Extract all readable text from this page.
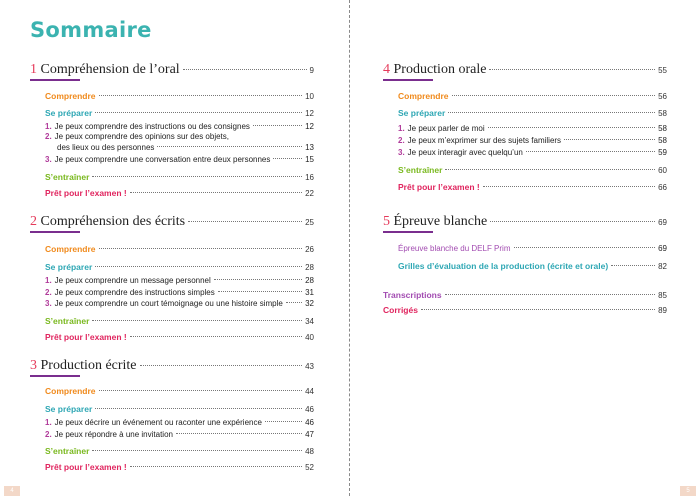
Sommaire
1 Compréhension de l’oral	9
Comprendre	10
Se préparer	12
1. Je peux comprendre des instructions ou des consignes	12
2. Je peux comprendre des opinions sur des objets,
des lieux ou des personnes	13
3. Je peux comprendre une conversation entre deux personnes	15
S’entraîner	16
Prêt pour l’examen !	22
2 Compréhension des écrits	25
Comprendre	26
Se préparer	28
1. Je peux comprendre un message personnel	28
2. Je peux comprendre des instructions simples	31
3. Je peux comprendre un court témoignage ou une histoire simple	32
S’entraîner	34
Prêt pour l’examen !	40
3 Production écrite	43
Comprendre	44
Se préparer	46
1. Je peux décrire un événement ou raconter une expérience	46
2. Je peux répondre à une invitation	47
S’entraîner	48
Prêt pour l’examen !	52
4 Production orale	55
Comprendre	56
Se préparer	58
1. Je peux parler de moi	58
2. Je peux m’exprimer sur des sujets familiers	58
3. Je peux interagir avec quelqu’un	59
S’entraîner	60
Prêt pour l’examen !	66
5 Épreuve blanche	69
Épreuve blanche du DELF Prim	69
Grilles d’évaluation de la production (écrite et orale)	82
Transcriptions	85
Corrigés	89
4	5
